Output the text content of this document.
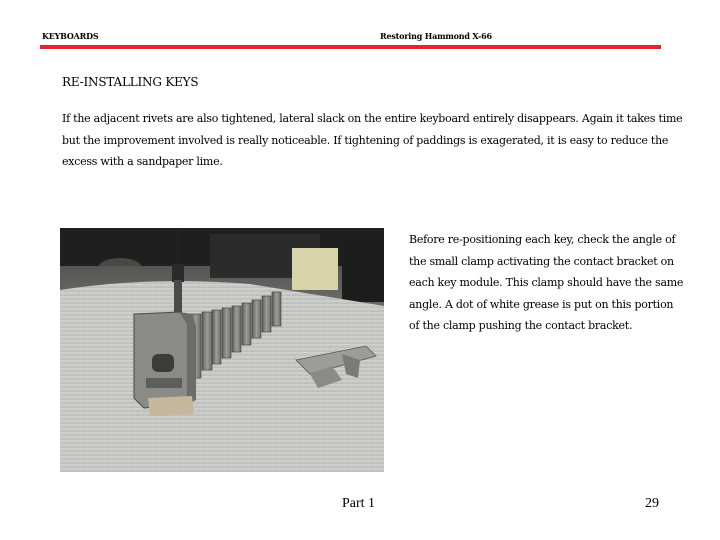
KEYBOARDS	Restoring Hammond X-66
RE-INSTALLING KEYS
If the adjacent rivets are also tightened, lateral slack on the entire keyboard entirely disappears. Again it takes time but the improvement involved is really noticeable. If tightening of paddings is exagerated, it is easy to reduce the excess with a sandpaper lime.
Before re-positioning each key, check the angle of the small clamp activating the contact bracket on each key module. This clamp should have the same angle. A dot of white grease is put on this portion of the clamp pushing the contact bracket.
Part 1	29
